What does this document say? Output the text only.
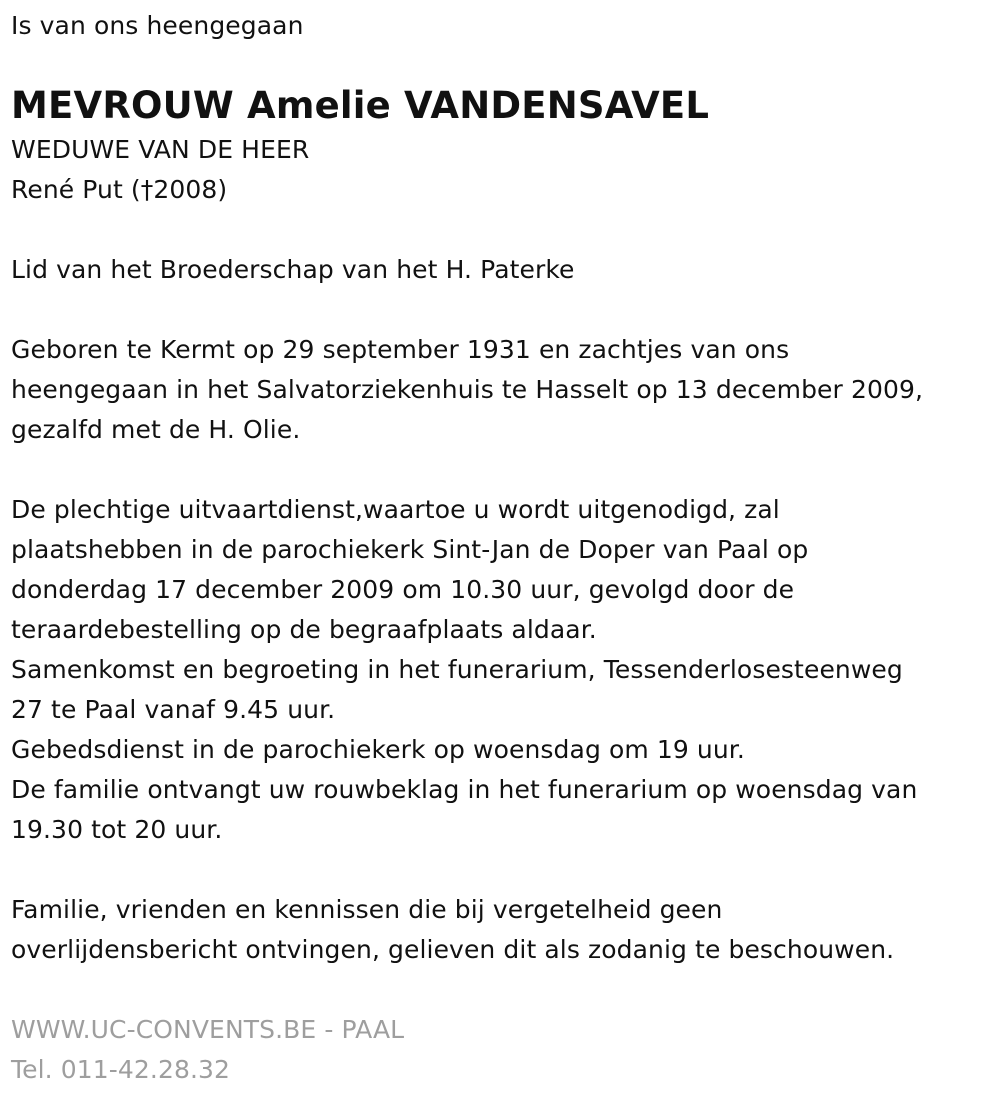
Is van ons heengegaan
MEVROUW Amelie VANDENSAVEL
WEDUWE VAN DE HEER
René Put (†2008)
Lid van het Broederschap van het H. Paterke
Geboren te Kermt op 29 september 1931 en zachtjes van ons
heengegaan in het Salvatorziekenhuis te Hasselt op 13 december 2009,
gezalfd met de H. Olie.
De plechtige uitvaartdienst,waartoe u wordt uitgenodigd, zal
plaatshebben in de parochiekerk Sint-Jan de Doper van Paal op
donderdag 17 december 2009 om 10.30 uur, gevolgd door de
teraardebestelling op de begraafplaats aldaar.
Samenkomst en begroeting in het funerarium, Tessenderlosesteenweg
27 te Paal vanaf 9.45 uur.
Gebedsdienst in de parochiekerk op woensdag om 19 uur.
De familie ontvangt uw rouwbeklag in het funerarium op woensdag van
19.30 tot 20 uur.
Familie, vrienden en kennissen die bij vergetelheid geen
overlijdensbericht ontvingen, gelieven dit als zodanig te beschouwen.
WWW.UC-CONVENTS.BE - PAAL
Tel. 011-42.28.32
